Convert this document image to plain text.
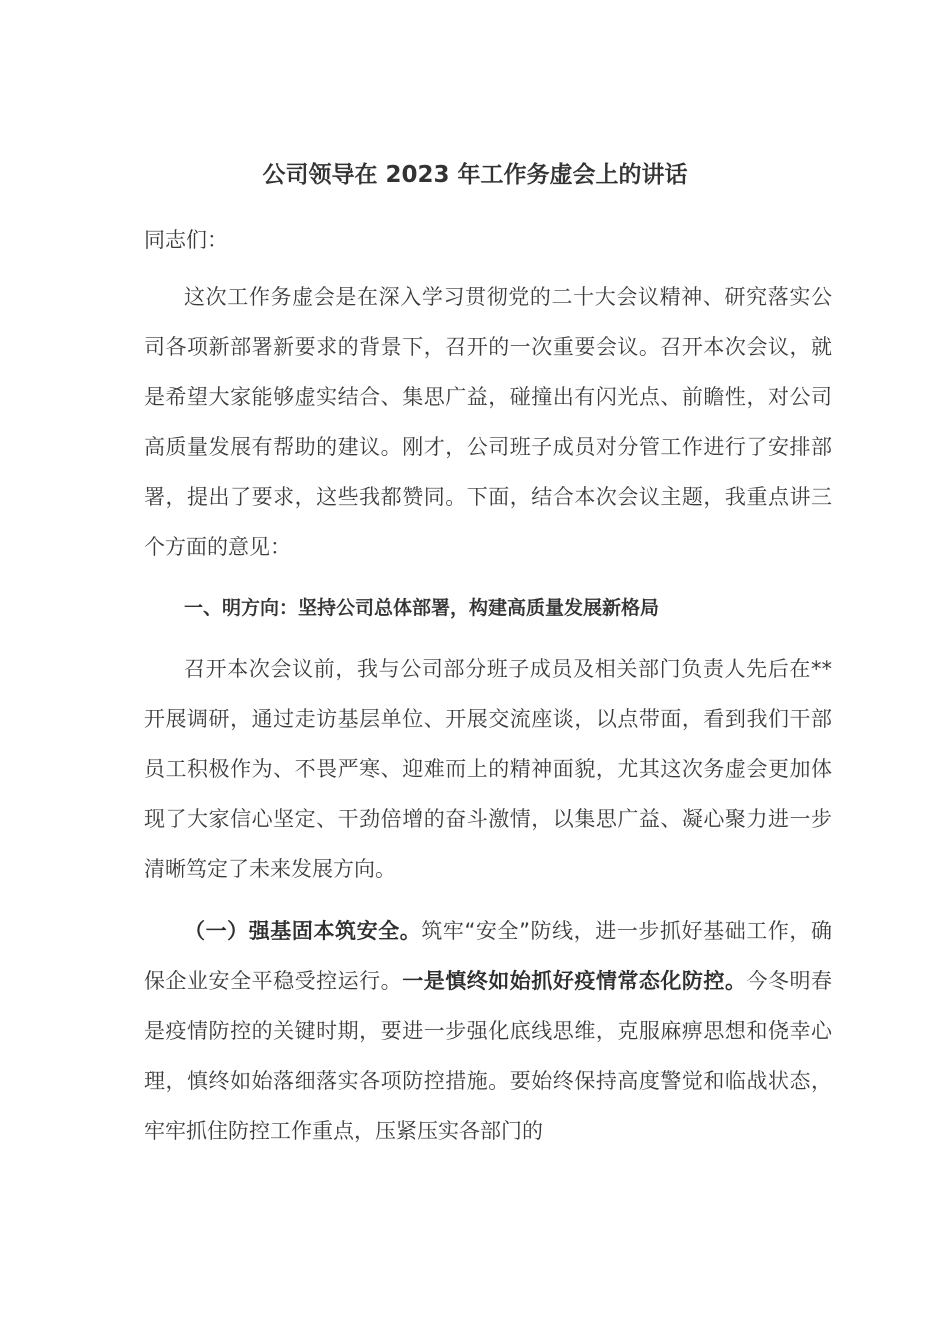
公司领导在 2023 年工作务虚会上的讲话
同志们：
这次工作务虚会是在深入学习贯彻党的二十大会议精神、研究落实公司各项新部署新要求的背景下，召开的一次重要会议。召开本次会议，就是希望大家能够虚实结合、集思广益，碰撞出有闪光点、前瞻性，对公司高质量发展有帮助的建议。刚才，公司班子成员对分管工作进行了安排部署，提出了要求，这些我都赞同。下面，结合本次会议主题，我重点讲三个方面的意见：
一、明方向：坚持公司总体部署，构建高质量发展新格局
召开本次会议前，我与公司部分班子成员及相关部门负责人先后在**开展调研，通过走访基层单位、开展交流座谈，以点带面，看到我们干部员工积极作为、不畏严寒、迎难而上的精神面貌，尤其这次务虚会更加体现了大家信心坚定、干劲倍增的奋斗激情，以集思广益、凝心聚力进一步清晰笃定了未来发展方向。
（一）强基固本筑安全。筑牢“安全”防线，进一步抓好基础工作，确保企业安全平稳受控运行。一是慎终如始抓好疫情常态化防控。今冬明春是疫情防控的关键时期，要进一步强化底线思维，克服麻痹思想和侥幸心理，慎终如始落细落实各项防控措施。要始终保持高度警觉和临战状态，牢牢抓住防控工作重点，压紧压实各部门的
